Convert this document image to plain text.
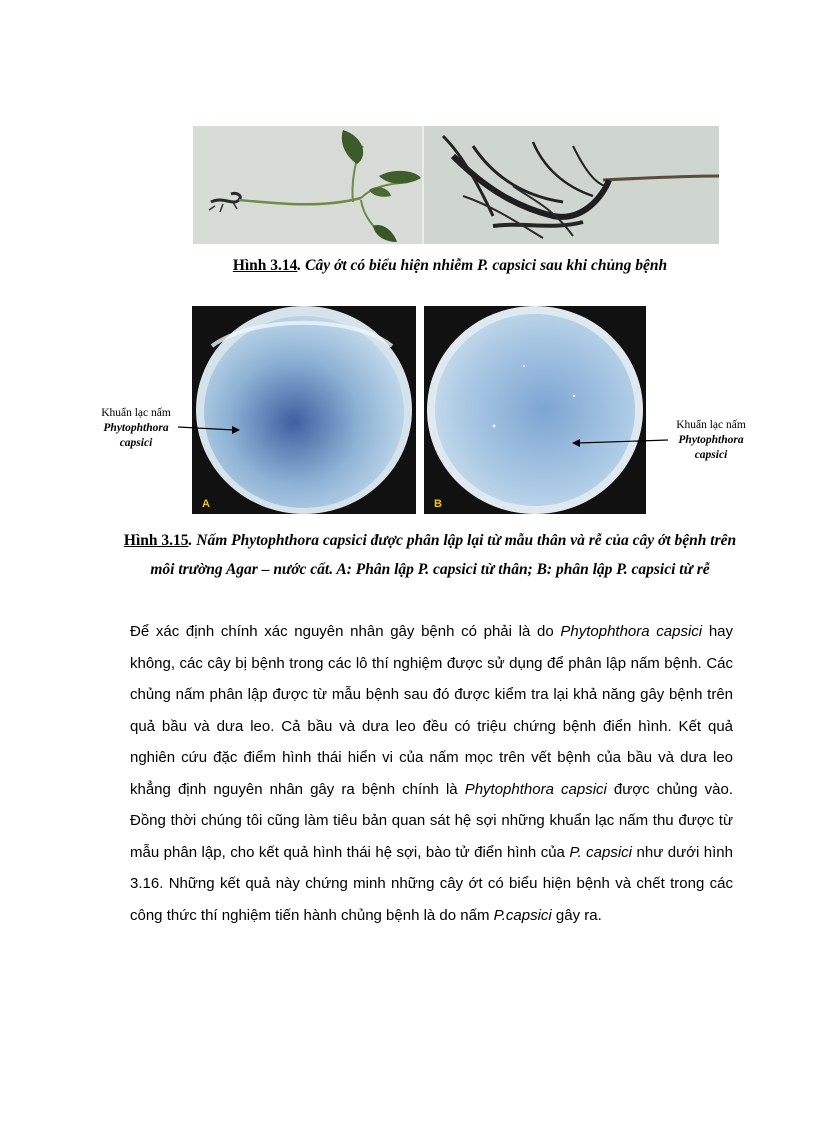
Hình 3.14. Cây ớt có biểu hiện nhiễm P. capsici sau khi chủng bệnh
A	B
Khuẩn lạc nấm
Phytophthora
capsici
Khuẩn lạc nấm
Phytophthora
capsici
Hình 3.15. Nấm Phytophthora capsici được phân lập lại từ mẫu thân và rễ của cây ớt bệnh trên môi trường Agar – nước cất. A: Phân lập P. capsici từ thân; B: phân lập P. capsici từ rễ

Để xác định chính xác nguyên nhân gây bệnh có phải là do Phytophthora capsici hay không, các cây bị bệnh trong các lô thí nghiệm được sử dụng để phân lập nấm bệnh. Các chủng nấm phân lập được từ mẫu bệnh sau đó được kiểm tra lại khả năng gây bệnh trên quả bầu và dưa leo. Cả bầu và dưa leo đều có triệu chứng bệnh điển hình. Kết quả nghiên cứu đặc điểm hình thái hiển vi của nấm mọc trên vết bệnh của bầu và dưa leo khẳng định nguyên nhân gây ra bệnh chính là Phytophthora capsici được chủng vào. Đồng thời chúng tôi cũng làm tiêu bản quan sát hệ sợi những khuẩn lạc nấm thu được từ mẫu phân lập, cho kết quả hình thái hệ sợi, bào tử điển hình của P. capsici như dưới hình 3.16. Những kết quả này chứng minh những cây ớt có biểu hiện bệnh và chết trong các công thức thí nghiệm tiến hành chủng bệnh là do nấm P.capsici gây ra.
